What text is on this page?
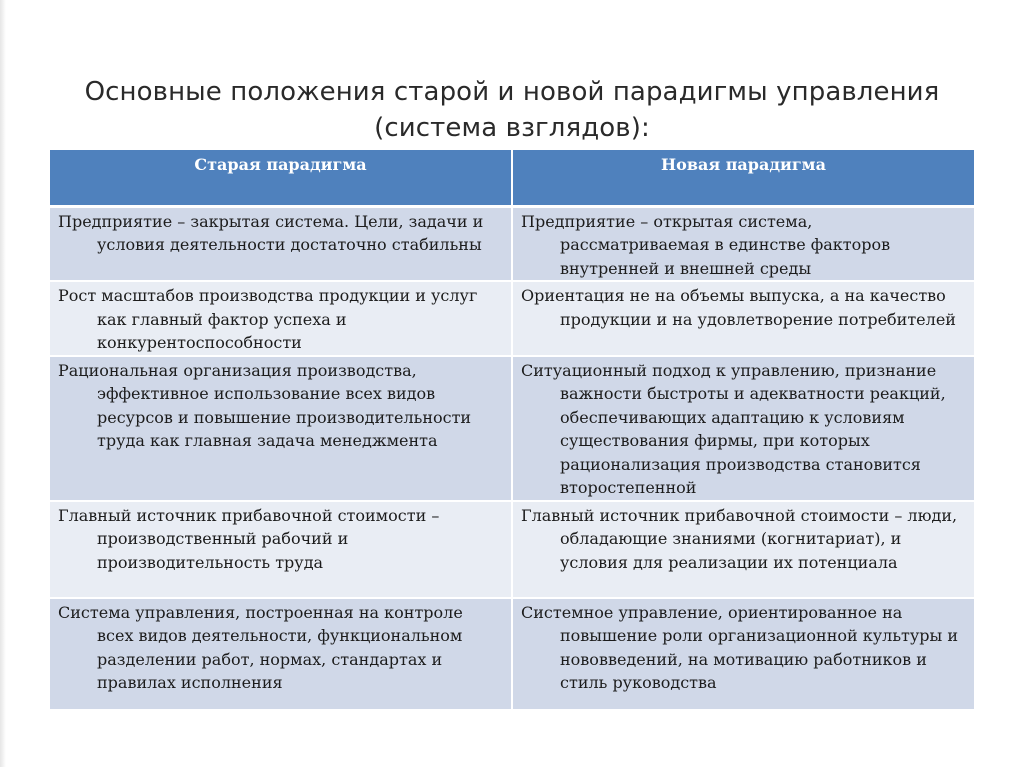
Основные положения старой и новой парадигмы управления
(система взглядов):
Старая парадигма	Новая парадигма

Предприятие – закрытая система. Цели, задачи и условия деятельности достаточно стабильны	Предприятие – открытая система, рассматриваемая в единстве факторов внутренней и внешней среды

Рост масштабов производства продукции и услуг как главный фактор успеха и конкурентоспособности	Ориентация не на объемы выпуска, а на качество продукции и на удовлетворение потребителей

Рациональная организация производства, эффективное использование всех видов ресурсов и повышение производительности труда как главная задача менеджмента	Ситуационный подход к управлению, признание важности быстроты и адекватности реакций, обеспечивающих адаптацию к условиям существования фирмы, при которых рационализация производства становится второстепенной

Главный источник прибавочной стоимости – производственный рабочий и производительность труда	Главный источник прибавочной стоимости – люди, обладающие знаниями (когнитариат), и условия для реализации их потенциала

Система управления, построенная на контроле всех видов деятельности, функциональном разделении работ, нормах, стандартах и правилах исполнения	Системное управление, ориентированное на повышение роли организационной культуры и нововведений, на мотивацию работников и стиль руководства
